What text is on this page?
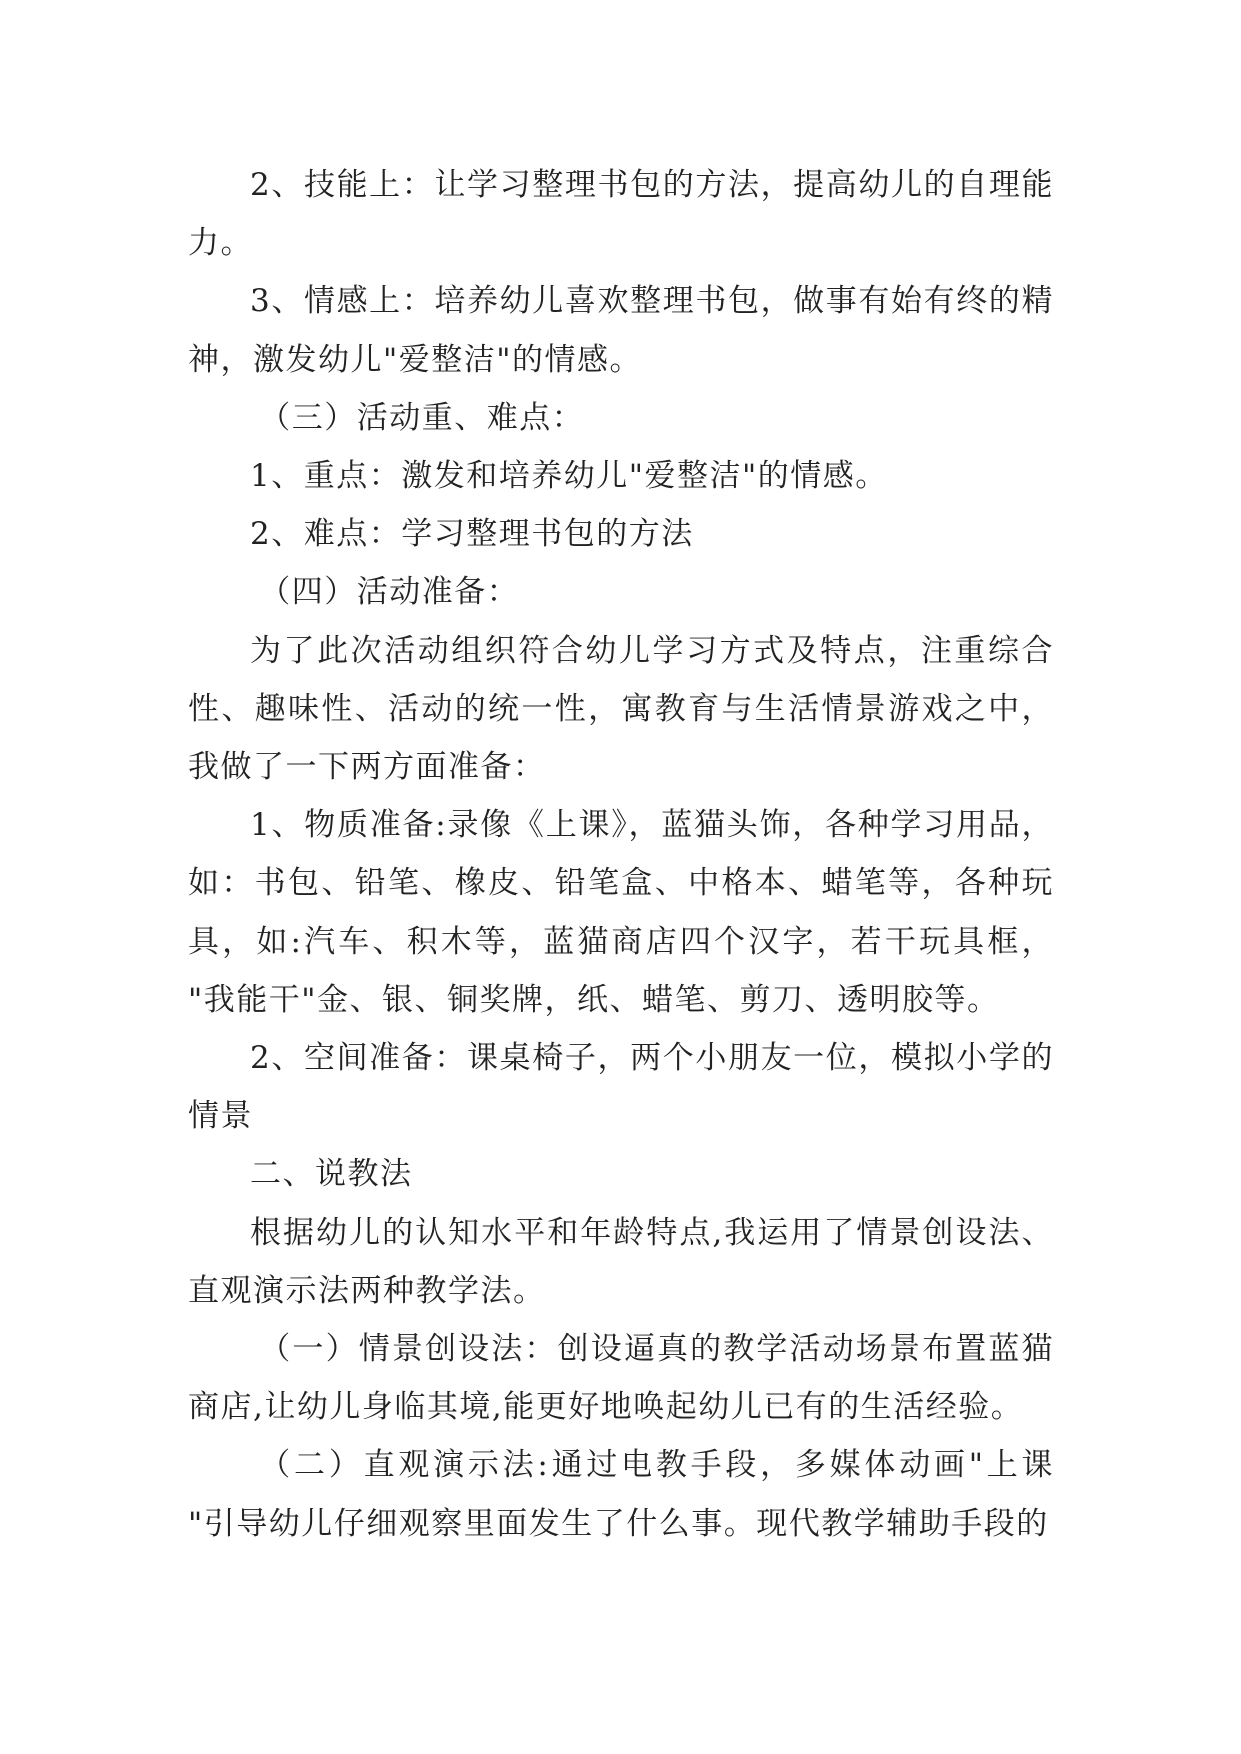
2、技能上：让学习整理书包的方法，提高幼儿的自理能力。

3、情感上：培养幼儿喜欢整理书包，做事有始有终的精神，激发幼儿"爱整洁"的情感。

（三）活动重、难点：

1、重点：激发和培养幼儿"爱整洁"的情感。

2、难点：学习整理书包的方法

（四）活动准备：

为了此次活动组织符合幼儿学习方式及特点，注重综合性、趣味性、活动的统一性，寓教育与生活情景游戏之中，我做了一下两方面准备：

1、物质准备:录像《上课》，蓝猫头饰，各种学习用品，如：书包、铅笔、橡皮、铅笔盒、中格本、蜡笔等，各种玩具，如:汽车、积木等，蓝猫商店四个汉字，若干玩具框， "我能干"金、银、铜奖牌，纸、蜡笔、剪刀、透明胶等。

2、空间准备：课桌椅子，两个小朋友一位，模拟小学的情景

二、说教法

根据幼儿的认知水平和年龄特点,我运用了情景创设法、直观演示法两种教学法。

（一）情景创设法：创设逼真的教学活动场景布置蓝猫商店,让幼儿身临其境,能更好地唤起幼儿已有的生活经验。

（二）直观演示法:通过电教手段，多媒体动画"上课 "引导幼儿仔细观察里面发生了什么事。现代教学辅助手段的
